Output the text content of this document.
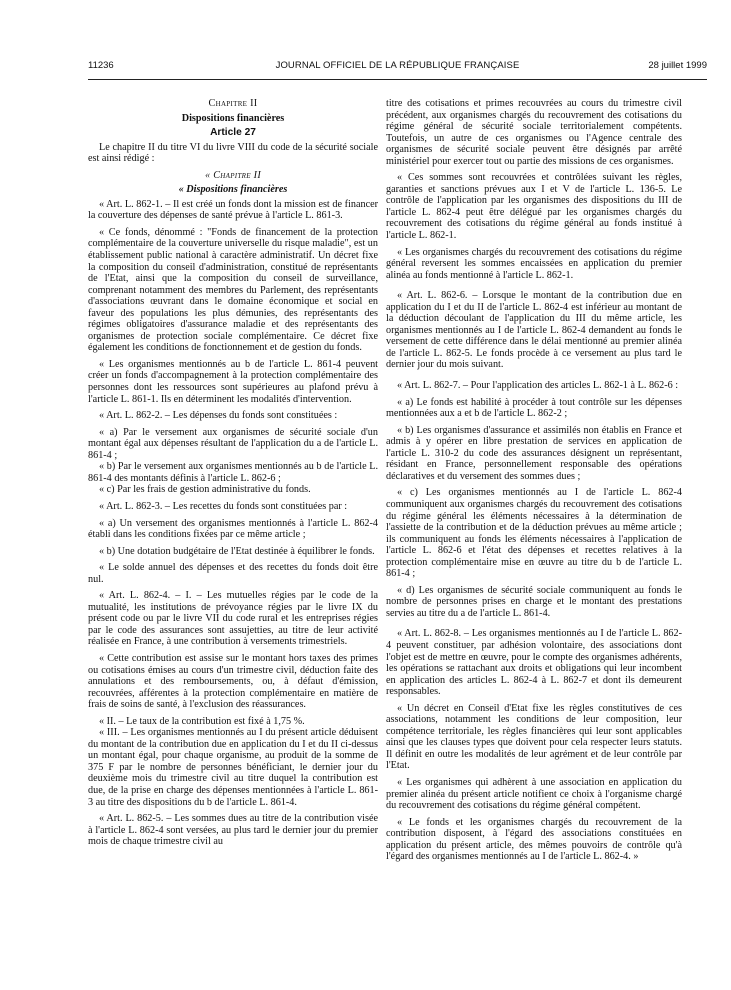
11236	JOURNAL OFFICIEL DE LA RÉPUBLIQUE FRANÇAISE	28 juillet 1999

Chapitre II

Dispositions financières

Article 27

Le chapitre II du titre VI du livre VIII du code de la sécurité sociale est ainsi rédigé :

« Chapitre II

« Dispositions financières

« Art. L. 862-1. – Il est créé un fonds dont la mission est de financer la couverture des dépenses de santé prévue à l'article L. 861-3.

« Ce fonds, dénommé : "Fonds de financement de la protection complémentaire de la couverture universelle du risque maladie", est un établissement public national à caractère administratif. Un décret fixe la composition du conseil d'administration, constitué de représentants de l'Etat, ainsi que la composition du conseil de surveillance, comprenant notamment des membres du Parlement, des représentants d'associations œuvrant dans le domaine économique et social en faveur des populations les plus démunies, des représentants des régimes obligatoires d'assurance maladie et des représentants des organismes de protection sociale complémentaire. Ce décret fixe également les conditions de fonctionnement et de gestion du fonds.

« Les organismes mentionnés au b de l'article L. 861-4 peuvent créer un fonds d'accompagnement à la protection complémentaire des personnes dont les ressources sont supérieures au plafond prévu à l'article L. 861-1. Ils en déterminent les modalités d'intervention.

« Art. L. 862-2. – Les dépenses du fonds sont constituées :

« a) Par le versement aux organismes de sécurité sociale d'un montant égal aux dépenses résultant de l'application du a de l'article L. 861-4 ;

« b) Par le versement aux organismes mentionnés au b de l'article L. 861-4 des montants définis à l'article L. 862-6 ;

« c) Par les frais de gestion administrative du fonds.

« Art. L. 862-3. – Les recettes du fonds sont constituées par :

« a) Un versement des organismes mentionnés à l'article L. 862-4 établi dans les conditions fixées par ce même article ;

« b) Une dotation budgétaire de l'Etat destinée à équilibrer le fonds.

« Le solde annuel des dépenses et des recettes du fonds doit être nul.

« Art. L. 862-4. – I. – Les mutuelles régies par le code de la mutualité, les institutions de prévoyance régies par le livre IX du présent code ou par le livre VII du code rural et les entreprises régies par le code des assurances sont assujetties, au titre de leur activité réalisée en France, à une contribution à versements trimestriels.

« Cette contribution est assise sur le montant hors taxes des primes ou cotisations émises au cours d'un trimestre civil, déduction faite des annulations et des remboursements, ou, à défaut d'émission, recouvrées, afférentes à la protection complémentaire en matière de frais de soins de santé, à l'exclusion des réassurances.

« II. – Le taux de la contribution est fixé à 1,75 %.

« III. – Les organismes mentionnés au I du présent article déduisent du montant de la contribution due en application du I et du II ci-dessus un montant égal, pour chaque organisme, au produit de la somme de 375 F par le nombre de personnes bénéficiant, le dernier jour du deuxième mois du trimestre civil au titre duquel la contribution est due, de la prise en charge des dépenses mentionnées à l'article L. 861-3 au titre des dispositions du b de l'article L. 861-4.

« Art. L. 862-5. – Les sommes dues au titre de la contribution visée à l'article L. 862-4 sont versées, au plus tard le dernier jour du premier mois de chaque trimestre civil au

titre des cotisations et primes recouvrées au cours du trimestre civil précédent, aux organismes chargés du recouvrement des cotisations du régime général de sécurité sociale territorialement compétents. Toutefois, un autre de ces organismes ou l'Agence centrale des organismes de sécurité sociale peuvent être désignés par arrêté ministériel pour exercer tout ou partie des missions de ces organismes.

« Ces sommes sont recouvrées et contrôlées suivant les règles, garanties et sanctions prévues aux I et V de l'article L. 136-5. Le contrôle de l'application par les organismes des dispositions du III de l'article L. 862-4 peut être délégué par les organismes chargés du recouvrement des cotisations du régime général au fonds institué à l'article L. 862-1.

« Les organismes chargés du recouvrement des cotisations du régime général reversent les sommes encaissées en application du premier alinéa au fonds mentionné à l'article L. 862-1.

« Art. L. 862-6. – Lorsque le montant de la contribution due en application du I et du II de l'article L. 862-4 est inférieur au montant de la déduction découlant de l'application du III du même article, les organismes mentionnés au I de l'article L. 862-4 demandent au fonds le versement de cette différence dans le délai mentionné au premier alinéa de l'article L. 862-5. Le fonds procède à ce versement au plus tard le dernier jour du mois suivant.

« Art. L. 862-7. – Pour l'application des articles L. 862-1 à L. 862-6 :

« a) Le fonds est habilité à procéder à tout contrôle sur les dépenses mentionnées aux a et b de l'article L. 862-2 ;

« b) Les organismes d'assurance et assimilés non établis en France et admis à y opérer en libre prestation de services en application de l'article L. 310-2 du code des assurances désignent un représentant, résidant en France, personnellement responsable des opérations déclaratives et du versement des sommes dues ;

« c) Les organismes mentionnés au I de l'article L. 862-4 communiquent aux organismes chargés du recouvrement des cotisations du régime général les éléments nécessaires à la détermination de l'assiette de la contribution et de la déduction prévues au même article ; ils communiquent au fonds les éléments nécessaires à l'application de l'article L. 862-6 et l'état des dépenses et recettes relatives à la protection complémentaire mise en œuvre au titre du b de l'article L. 861-4 ;

« d) Les organismes de sécurité sociale communiquent au fonds le nombre de personnes prises en charge et le montant des prestations servies au titre du a de l'article L. 861-4.

« Art. L. 862-8. – Les organismes mentionnés au I de l'article L. 862-4 peuvent constituer, par adhésion volontaire, des associations dont l'objet est de mettre en œuvre, pour le compte des organismes adhérents, les opérations se rattachant aux droits et obligations qui leur incombent en application des articles L. 862-4 à L. 862-7 et dont ils demeurent responsables.

« Un décret en Conseil d'Etat fixe les règles constitutives de ces associations, notamment les conditions de leur composition, leur compétence territoriale, les règles financières qui leur sont applicables ainsi que les clauses types que doivent pour cela respecter leurs statuts. Il définit en outre les modalités de leur agrément et de leur contrôle par l'Etat.

« Les organismes qui adhèrent à une association en application du premier alinéa du présent article notifient ce choix à l'organisme chargé du recouvrement des cotisations du régime général compétent.

« Le fonds et les organismes chargés du recouvrement de la contribution disposent, à l'égard des associations constituées en application du présent article, des mêmes pouvoirs de contrôle qu'à l'égard des organismes mentionnés au I de l'article L. 862-4. »
